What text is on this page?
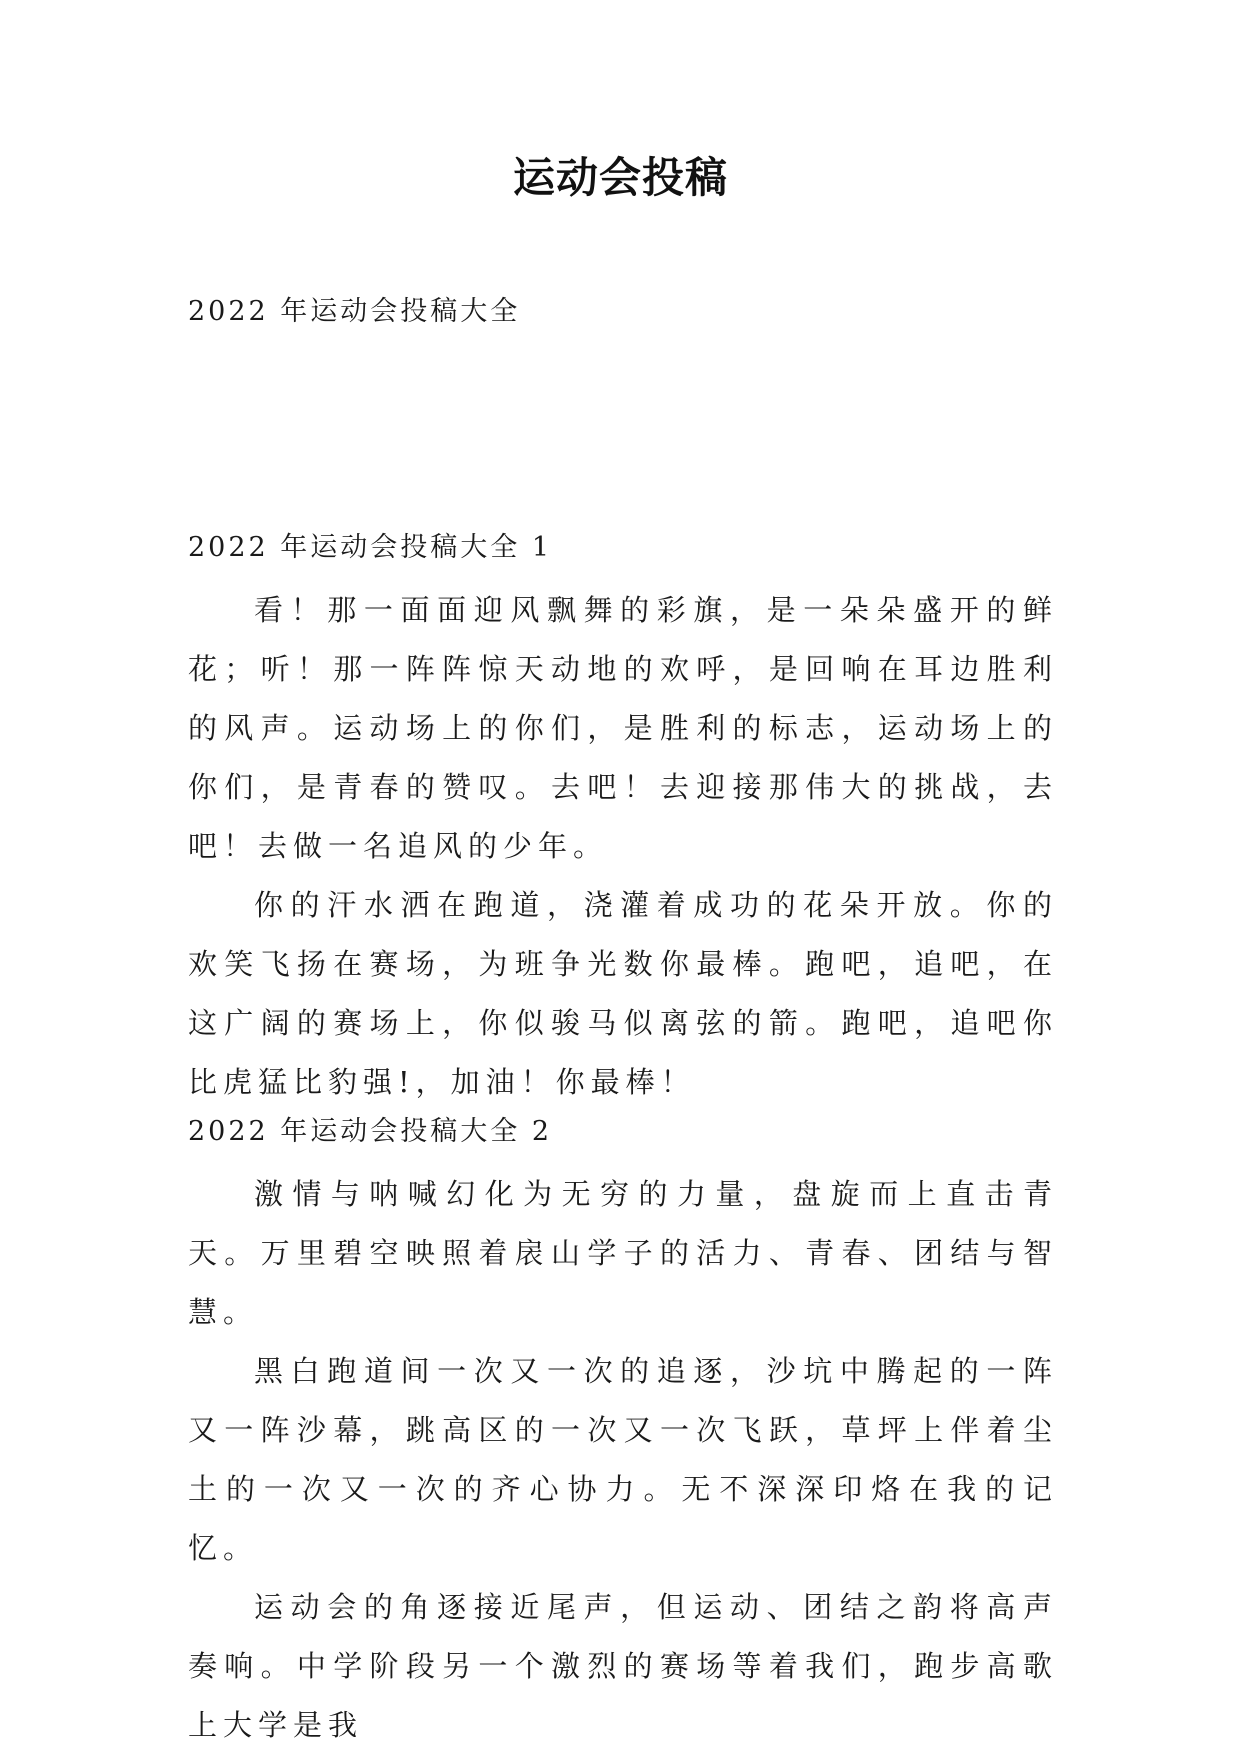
运动会投稿
2022 年运动会投稿大全

2022 年运动会投稿大全 1

看！那一面面迎风飘舞的彩旗，是一朵朵盛开的鲜花；听！那一阵阵惊天动地的欢呼，是回响在耳边胜利的风声。运动场上的你们，是胜利的标志，运动场上的你们，是青春的赞叹。去吧！去迎接那伟大的挑战，去吧！去做一名追风的少年。

你的汗水洒在跑道，浇灌着成功的花朵开放。你的欢笑飞扬在赛场，为班争光数你最棒。跑吧，追吧，在这广阔的赛场上，你似骏马似离弦的箭。跑吧，追吧你比虎猛比豹强!，加油！你最棒！

2022 年运动会投稿大全 2

激情与呐喊幻化为无穷的力量，盘旋而上直击青天。万里碧空映照着扆山学子的活力、青春、团结与智慧。

黑白跑道间一次又一次的追逐，沙坑中腾起的一阵又一阵沙幕，跳高区的一次又一次飞跃，草坪上伴着尘土的一次又一次的齐心协力。无不深深印烙在我的记忆。

运动会的角逐接近尾声，但运动、团结之韵将高声奏响。中学阶段另一个激烈的赛场等着我们，跑步高歌上大学是我
